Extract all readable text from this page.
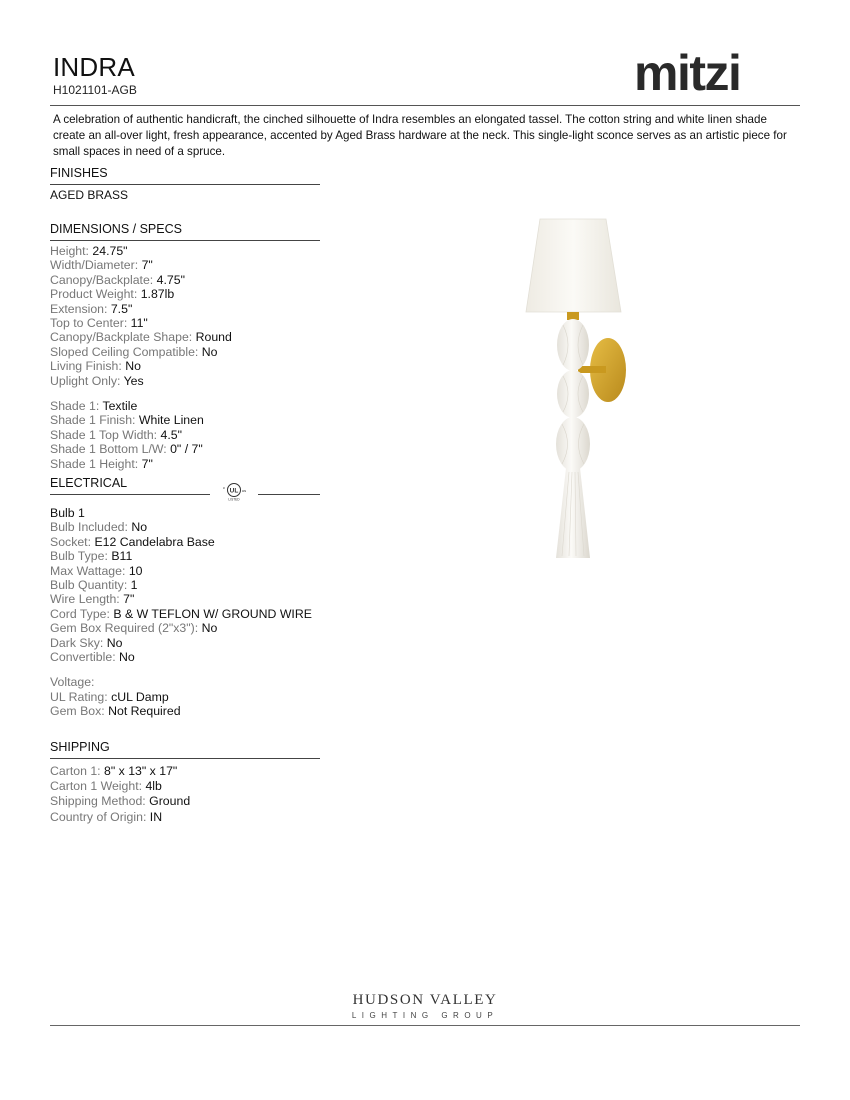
INDRA
H1021101-AGB	mitzi
A celebration of authentic handicraft, the cinched silhouette of Indra resembles an elongated tassel. The cotton string and white linen shade create an all-over light, fresh appearance, accented by Aged Brass hardware at the neck. This single-light sconce serves as an artistic piece for small spaces in need of a spruce.
FINISHES
AGED BRASS
DIMENSIONS / SPECS
Height: 24.75"
Width/Diameter: 7"
Canopy/Backplate: 4.75"
Product Weight: 1.87lb
Extension: 7.5"
Top to Center: 11"
Canopy/Backplate Shape: Round
Sloped Ceiling Compatible: No
Living Finish: No
Uplight Only: Yes
Shade 1: Textile
Shade 1 Finish: White Linen
Shade 1 Top Width: 4.5"
Shade 1 Bottom L/W: 0" / 7"
Shade 1 Height: 7"
ELECTRICAL
UL
c
us
LISTED
Bulb 1
Bulb Included: No
Socket: E12 Candelabra Base
Bulb Type: B11
Max Wattage: 10
Bulb Quantity: 1
Wire Length: 7"
Cord Type: B & W TEFLON W/ GROUND WIRE
Gem Box Required (2"x3"): No
Dark Sky: No
Convertible: No
Voltage:
UL Rating: cUL Damp
Gem Box: Not Required
SHIPPING
Carton 1: 8" x 13" x 17"
Carton 1 Weight: 4lb
Shipping Method: Ground
Country of Origin: IN
HUDSON VALLEY
LIGHTING GROUP
